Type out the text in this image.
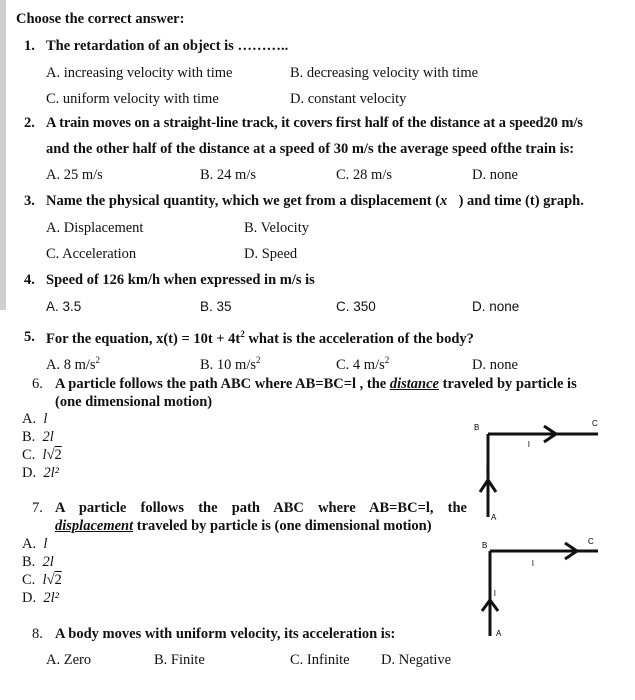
Choose the correct answer:
1. The retardation of an object is ………..
A. increasing velocity with time	B. decreasing velocity with time
C. uniform velocity with time	D. constant velocity
2. A train moves on a straight-line track, it covers first half of the distance at a speed20 m/s
and the other half of the distance at a speed of 30 m/s the average speed ofthe train is:
A. 25 m/s	B. 24 m/s	C. 28 m/s	D. none
3. Name the physical quantity, which we get from a displacement (x⃗) and time (t) graph.
A. Displacement	B. Velocity
C. Acceleration	D. Speed
4. Speed of 126 km/h when expressed in m/s is
A. 3.5	B. 35	C. 350	D. none
5. For the equation, $x(t) = 10t + 4t^2$ what is the acceleration of the body?
A. 8 $m/s^2$	B. 10 $m/s^2$	C. 4 $m/s^2$	D. none
6. A particle follows the path ABC where AB=BC=l , the distance traveled by particle is
(one dimensional motion)
A. l
B. 2l
C. l√2
D. 2l²
7. A particle follows the path ABC where AB=BC=l, the
displacement traveled by particle is (one dimensional motion)
A. l
B. 2l
C. l√2
D. 2l²
8. A body moves with uniform velocity, its acceleration is:
A. Zero	B. Finite	C. Infinite D. Negative
B	C
A
l
l
B	C
A
l
l
